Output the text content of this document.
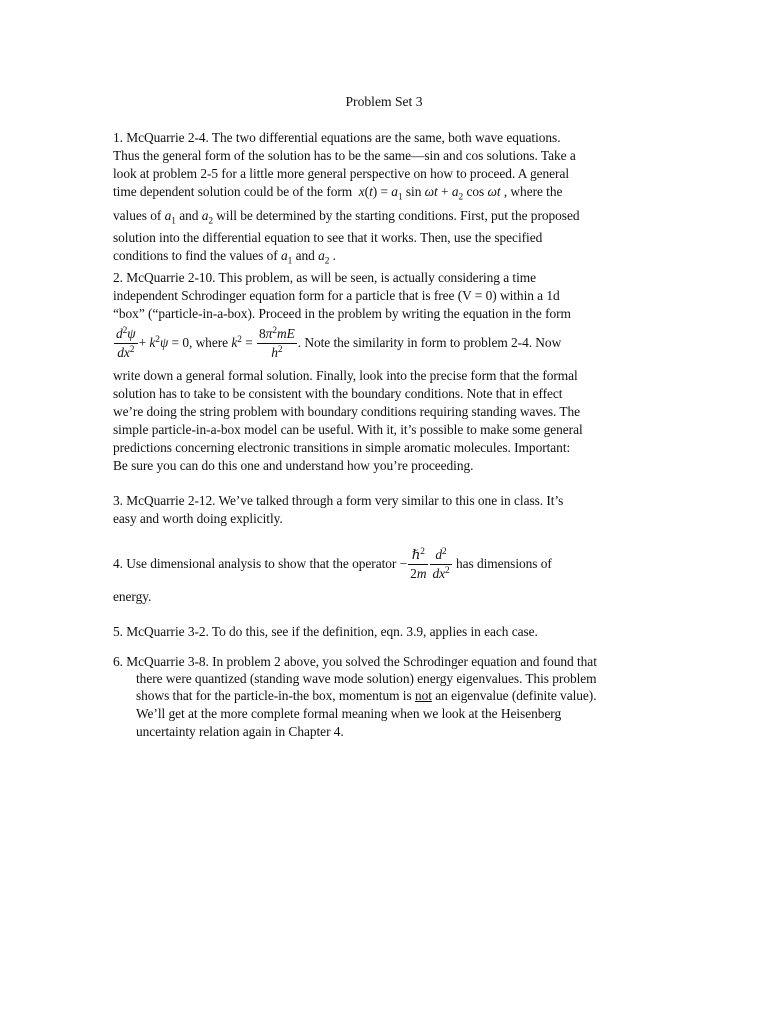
Problem Set 3
1. McQuarrie 2-4. The two differential equations are the same, both wave equations.
Thus the general form of the solution has to be the same—sin and cos solutions. Take a
look at problem 2-5 for a little more general perspective on how to proceed. A general
time dependent solution could be of the form  $x(t) = a_1$ $\sin \omega t + a_2$ cos ωt , where the
values of $a_1$ and $a_2$ will be determined by the starting conditions. First, put the proposed
solution into the differential equation to see that it works. Then, use the specified
conditions to find the values of $a_1$ and $a_2$ .
2. McQuarrie 2-10. This problem, as will be seen, is actually considering a time
independent Schrodinger equation form for a particle that is free (V = 0) within a 1d
“box” (“particle-in-a-box). Proceed in the problem by writing the equation in the form
$\frac{d^2\psi}{dx^2} + k^2\psi = 0$, where $k^2 = \frac{8\pi^2mE}{h^2}$ . Note the similarity in form to problem 2-4. Now
write down a general formal solution. Finally, look into the precise form that the formal
solution has to take to be consistent with the boundary conditions. Note that in effect
we’re doing the string problem with boundary conditions requiring standing waves. The
simple particle-in-a-box model can be useful. With it, it’s possible to make some general
predictions concerning electronic transitions in simple aromatic molecules. Important:
Be sure you can do this one and understand how you’re proceeding.
3. McQuarrie 2-12. We’ve talked through a form very similar to this one in class. It’s
easy and worth doing explicitly.
4. Use dimensional analysis to show that the operator − $\frac{\hbar^2}{2m} \frac{d^2}{dx^2}$ has dimensions of
energy.
5. McQuarrie 3-2. To do this, see if the definition, eqn. 3.9, applies in each case.
6. McQuarrie 3-8. In problem 2 above, you solved the Schrodinger equation and found that
there were quantized (standing wave mode solution) energy eigenvalues. This problem
shows that for the particle-in-the box, momentum is not an eigenvalue (definite value).
We’ll get at the more complete formal meaning when we look at the Heisenberg
uncertainty relation again in Chapter 4.
